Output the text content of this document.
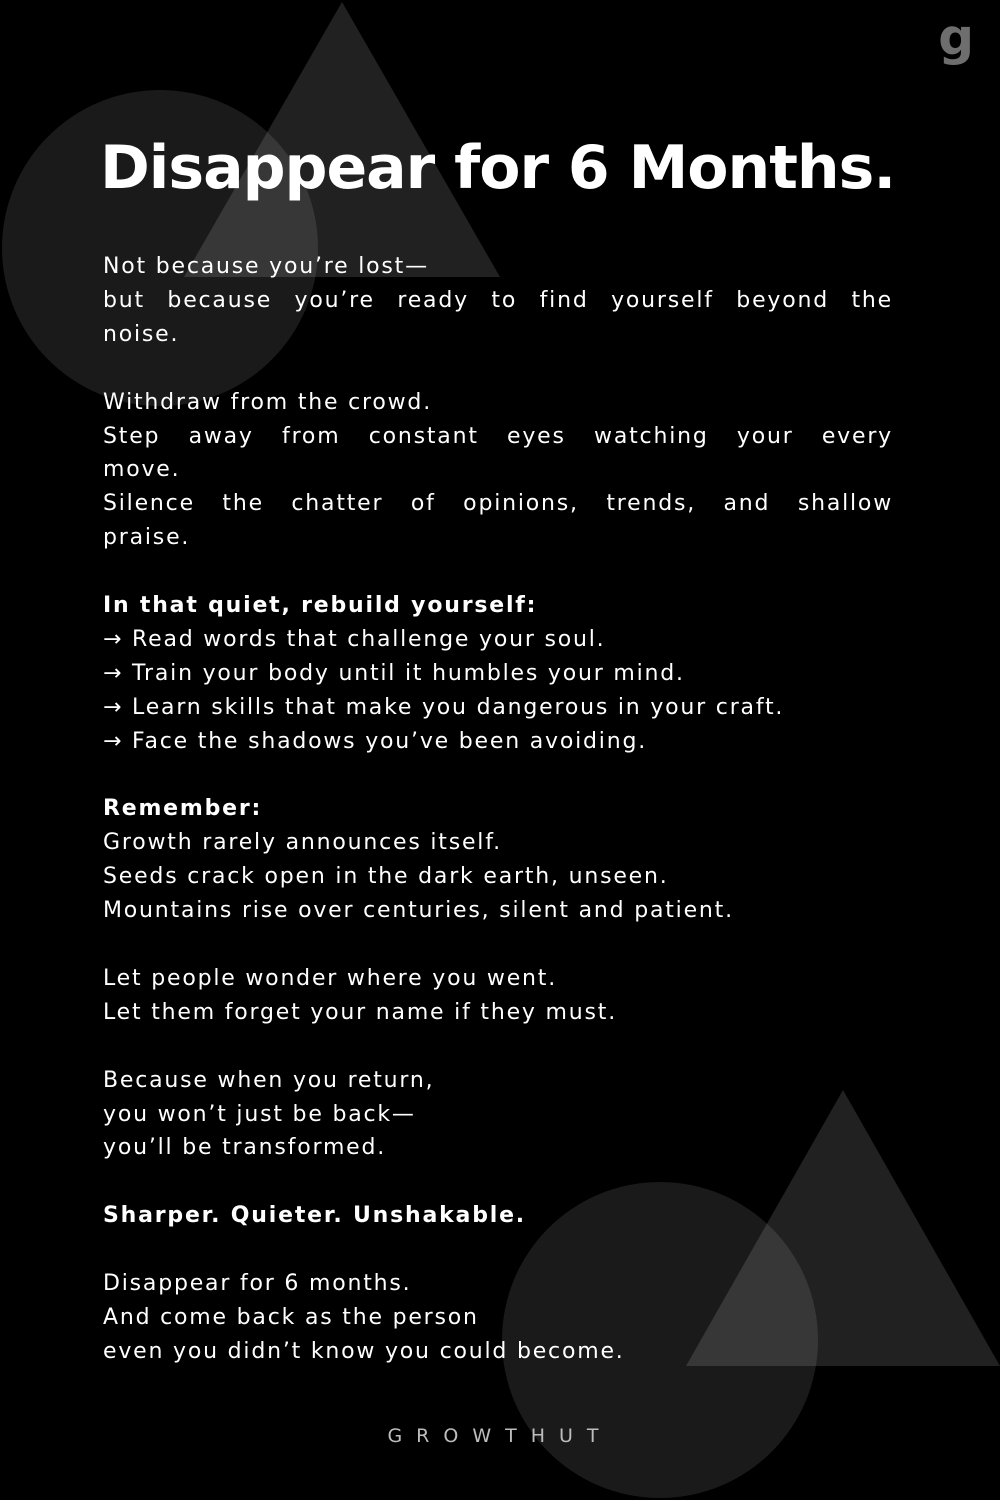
g
Disappear for 6 Months.

Not because you’re lost—
but because you’re ready to find yourself beyond the
noise.

Withdraw from the crowd.
Step away from constant eyes watching your every
move.
Silence the chatter of opinions, trends, and shallow
praise.

In that quiet, rebuild yourself:
→ Read words that challenge your soul.
→ Train your body until it humbles your mind.
→ Learn skills that make you dangerous in your craft.
→ Face the shadows you’ve been avoiding.

Remember:
Growth rarely announces itself.
Seeds crack open in the dark earth, unseen.
Mountains rise over centuries, silent and patient.

Let people wonder where you went.
Let them forget your name if they must.

Because when you return,
you won’t just be back—
you’ll be transformed.

Sharper. Quieter. Unshakable.

Disappear for 6 months.
And come back as the person
even you didn’t know you could become.

GROWTHUT
